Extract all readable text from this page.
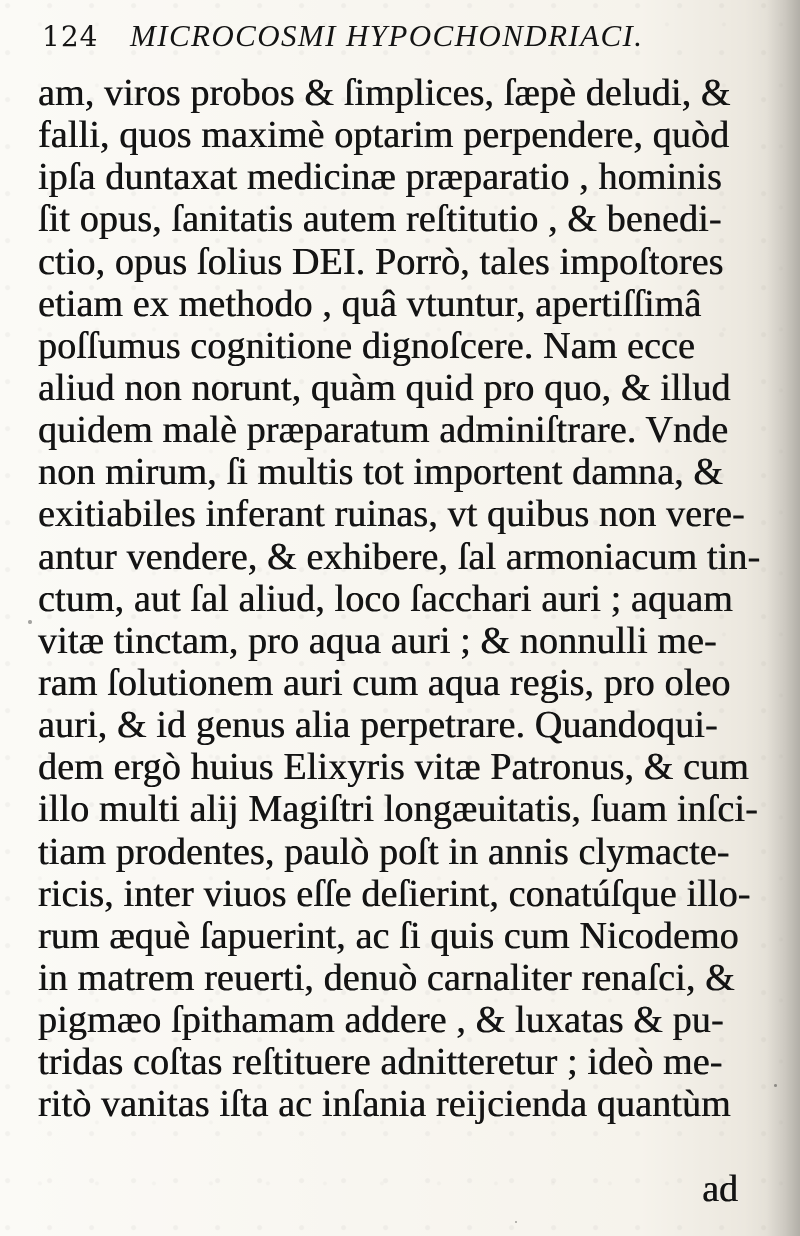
124 MICROCOSMI HYPOCHONDRIACI.
am, viros probos & ſimplices, ſæpè deludi, &
falli, quos maximè optarim perpendere, quòd
ipſa duntaxat medicinæ præparatio , hominis
ſit opus, ſanitatis autem reſtitutio , & benedi-
ctio, opus ſolius DEI. Porrò, tales impoſtores
etiam ex methodo , quâ vtuntur, apertiſſimâ
poſſumus cognitione dignoſcere. Nam ecce
aliud non norunt, quàm quid pro quo, & illud
quidem malè præparatum adminiſtrare. Vnde
non mirum, ſi multis tot importent damna, &
exitiabiles inferant ruinas, vt quibus non vere-
antur vendere, & exhibere, ſal armoniacum tin-
ctum, aut ſal aliud, loco ſacchari auri ; aquam
vitæ tinctam, pro aqua auri ; & nonnulli me-
ram ſolutionem auri cum aqua regis, pro oleo
auri, & id genus alia perpetrare. Quandoqui-
dem ergò huius Elixyris vitæ Patronus, & cum
illo multi alij Magiſtri longæuitatis, ſuam inſci-
tiam prodentes, paulò poſt in annis clymacte-
ricis, inter viuos eſſe deſierint, conatúſque illo-
rum æquè ſapuerint, ac ſi quis cum Nicodemo
in matrem reuerti, denuò carnaliter renaſci, &
pigmæo ſpithamam addere , & luxatas & pu-
tridas coſtas reſtituere adnitteretur ; ideò me-
ritò vanitas iſta ac inſania reijcienda quantùm
ad
